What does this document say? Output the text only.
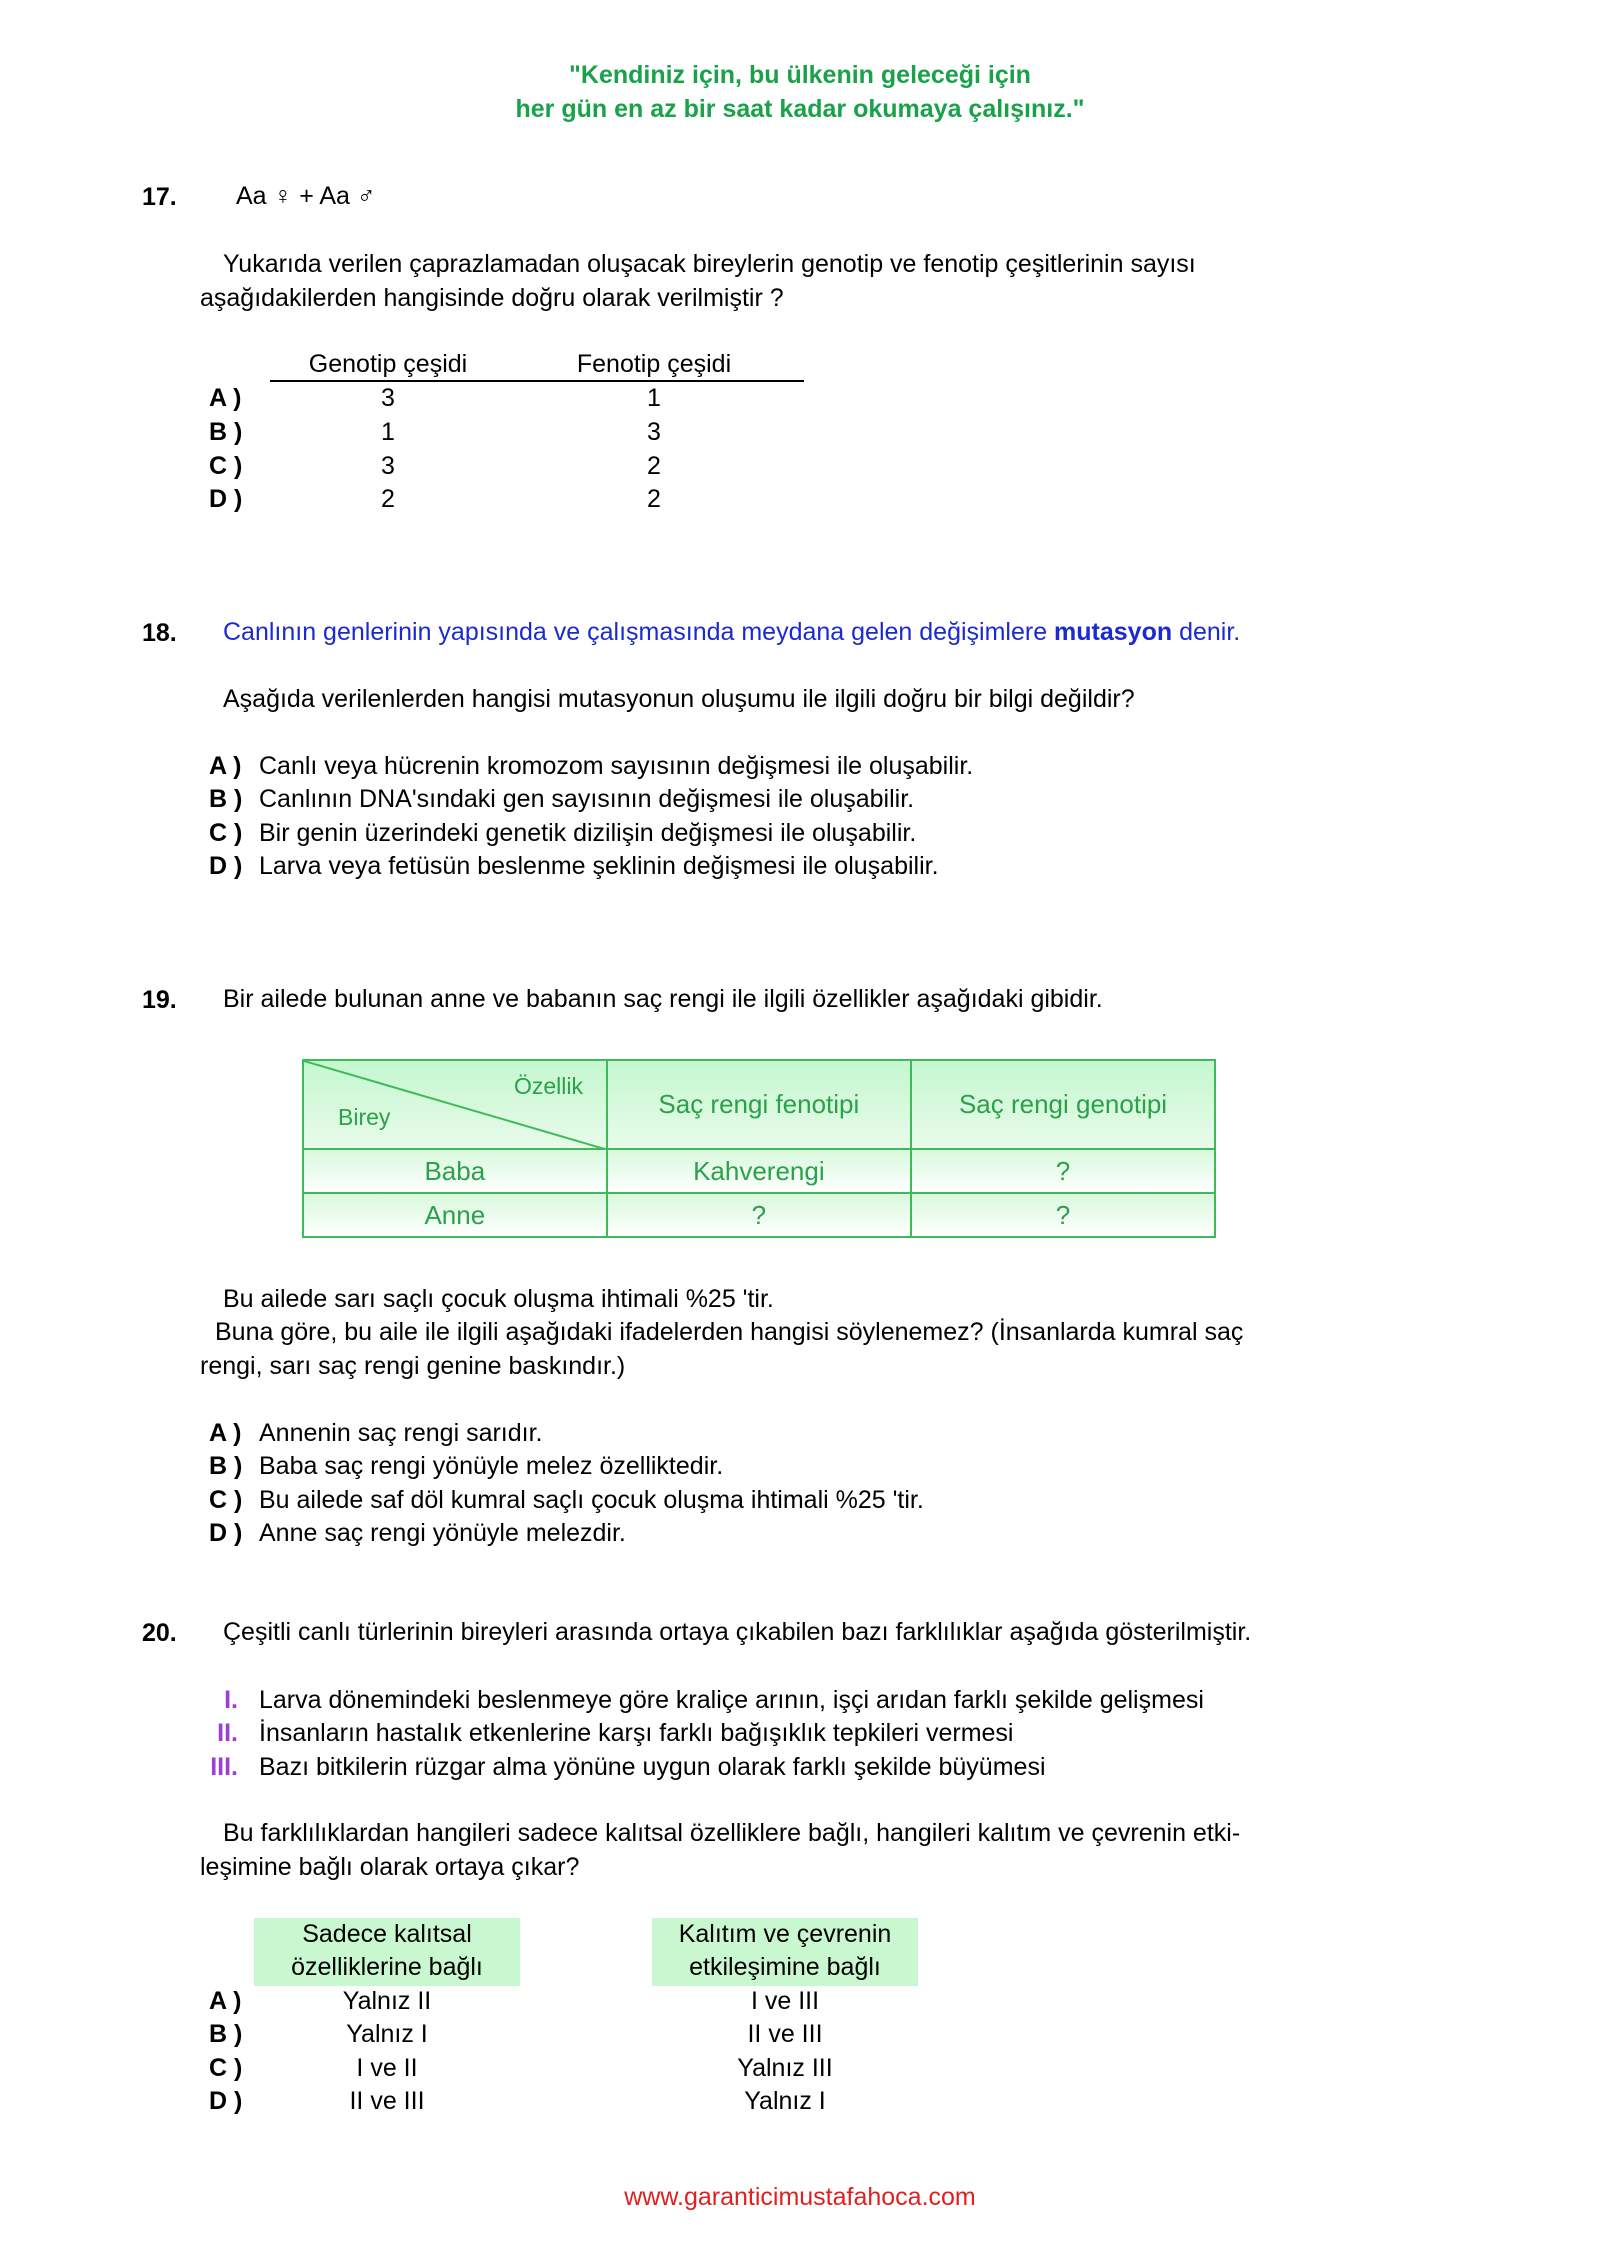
"Kendiniz için, bu ülkenin geleceği için
her gün en az bir saat kadar okumaya çalışınız."
17. Aa ♀ + Aa ♂
Yukarıda verilen çaprazlamadan oluşacak bireylerin genotip ve fenotip çeşitlerinin sayısı
aşağıdakilerden hangisinde doğru olarak verilmiştir ?
Genotip çeşidi	Fenotip çeşidi
A )	3	1
B )	1	3
C )	3	2
D )	2	2
18. Canlının genlerinin yapısında ve çalışmasında meydana gelen değişimlere mutasyon denir.
Aşağıda verilenlerden hangisi mutasyonun oluşumu ile ilgili doğru bir bilgi değildir?
A ) Canlı veya hücrenin kromozom sayısının değişmesi ile oluşabilir.
B ) Canlının DNA'sındaki gen sayısının değişmesi ile oluşabilir.
C ) Bir genin üzerindeki genetik dizilişin değişmesi ile oluşabilir.
D ) Larva veya fetüsün beslenme şeklinin değişmesi ile oluşabilir.
19. Bir ailede bulunan anne ve babanın saç rengi ile ilgili özellikler aşağıdaki gibidir.
Özellik
Birey	Saç rengi fenotipi	Saç rengi genotipi
Baba	Kahverengi	?
Anne	?	?
Bu ailede sarı saçlı çocuk oluşma ihtimali %25 'tir.
Buna göre, bu aile ile ilgili aşağıdaki ifadelerden hangisi söylenemez? (İnsanlarda kumral saç
rengi, sarı saç rengi genine baskındır.)
A ) Annenin saç rengi sarıdır.
B ) Baba saç rengi yönüyle melez özelliktedir.
C ) Bu ailede saf döl kumral saçlı çocuk oluşma ihtimali %25 'tir.
D ) Anne saç rengi yönüyle melezdir.
20. Çeşitli canlı türlerinin bireyleri arasında ortaya çıkabilen bazı farklılıklar aşağıda gösterilmiştir.
I. Larva dönemindeki beslenmeye göre kraliçe arının, işçi arıdan farklı şekilde gelişmesi
II. İnsanların hastalık etkenlerine karşı farklı bağışıklık tepkileri vermesi
III. Bazı bitkilerin rüzgar alma yönüne uygun olarak farklı şekilde büyümesi
Bu farklılıklardan hangileri sadece kalıtsal özelliklere bağlı, hangileri kalıtım ve çevrenin etki-
leşimine bağlı olarak ortaya çıkar?
Sadece kalıtsal
özelliklerine bağlı
Kalıtım ve çevrenin
etkileşimine bağlı
A )	Yalnız II	I ve III
B )	Yalnız I	II ve III
C )	I ve II	Yalnız III
D )	II ve III	Yalnız I
www.garanticimustafahoca.com
